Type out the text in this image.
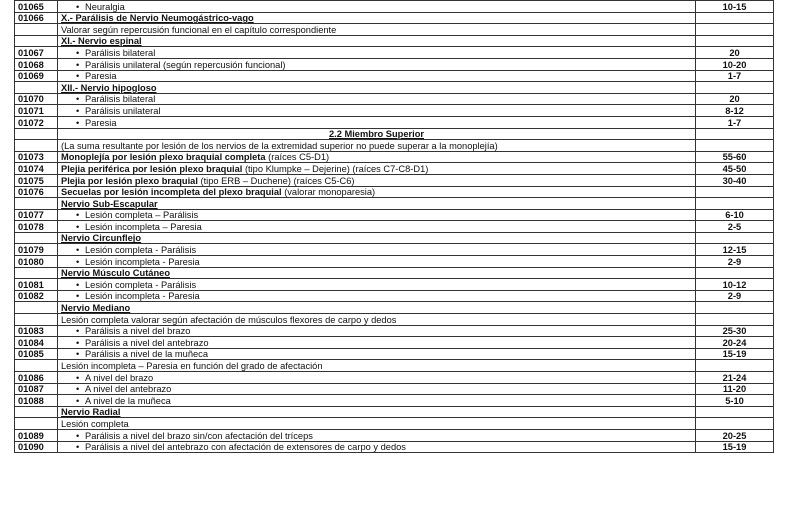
01065	• Neuralgia	10-15
01066	X.- Parálisis de Nervio Neumogástrico-vago	
	Valorar según repercusión funcional en el capítulo correspondiente	
	XI.- Nervio espinal	
01067	• Parálisis bilateral	20
01068	• Parálisis unilateral (según repercusión funcional)	10-20
01069	• Paresia	1-7
	XII.- Nervio hipogloso	
01070	• Parálisis bilateral	20
01071	• Parálisis unilateral	8-12
01072	• Paresia	1-7
	2.2 Miembro Superior	
	(La suma resultante por lesión de los nervios de la extremidad superior no puede superar a la monoplejía)	
01073	Monoplejía por lesión plexo braquial completa (raíces C5-D1)	55-60
01074	Plejia periférica por lesión plexo braquial (tipo Klumpke – Dejerine) (raíces C7-C8-D1)	45-50
01075	Plejia por lesión plexo braquial (tipo ERB – Duchene) (raíces C5-C6)	30-40
01076	Secuelas por lesión incompleta del plexo braquial (valorar monoparesia)	
	Nervio Sub-Escapular	
01077	• Lesión completa – Parálisis	6-10
01078	• Lesión incompleta – Paresia	2-5
	Nervio Circunflejo	
01079	• Lesión completa - Parálisis	12-15
01080	• Lesión incompleta - Paresia	2-9
	Nervio Músculo Cutáneo	
01081	• Lesión completa - Parálisis	10-12
01082	• Lesión incompleta - Paresia	2-9
	Nervio Mediano	
	Lesión completa valorar según afectación de músculos flexores de carpo y dedos	
01083	• Parálisis a nivel del brazo	25-30
01084	• Parálisis a nivel del antebrazo	20-24
01085	• Parálisis a nivel de la muñeca	15-19
	Lesión incompleta – Paresia en función del grado de afectación	
01086	• A nivel del brazo	21-24
01087	• A nivel del antebrazo	11-20
01088	• A nivel de la muñeca	5-10
	Nervio Radial	
	Lesión completa	
01089	• Parálisis a nivel del brazo sin/con afectación del tríceps	20-25
01090	• Parálisis a nivel del antebrazo con afectación de extensores de carpo y dedos	15-19
